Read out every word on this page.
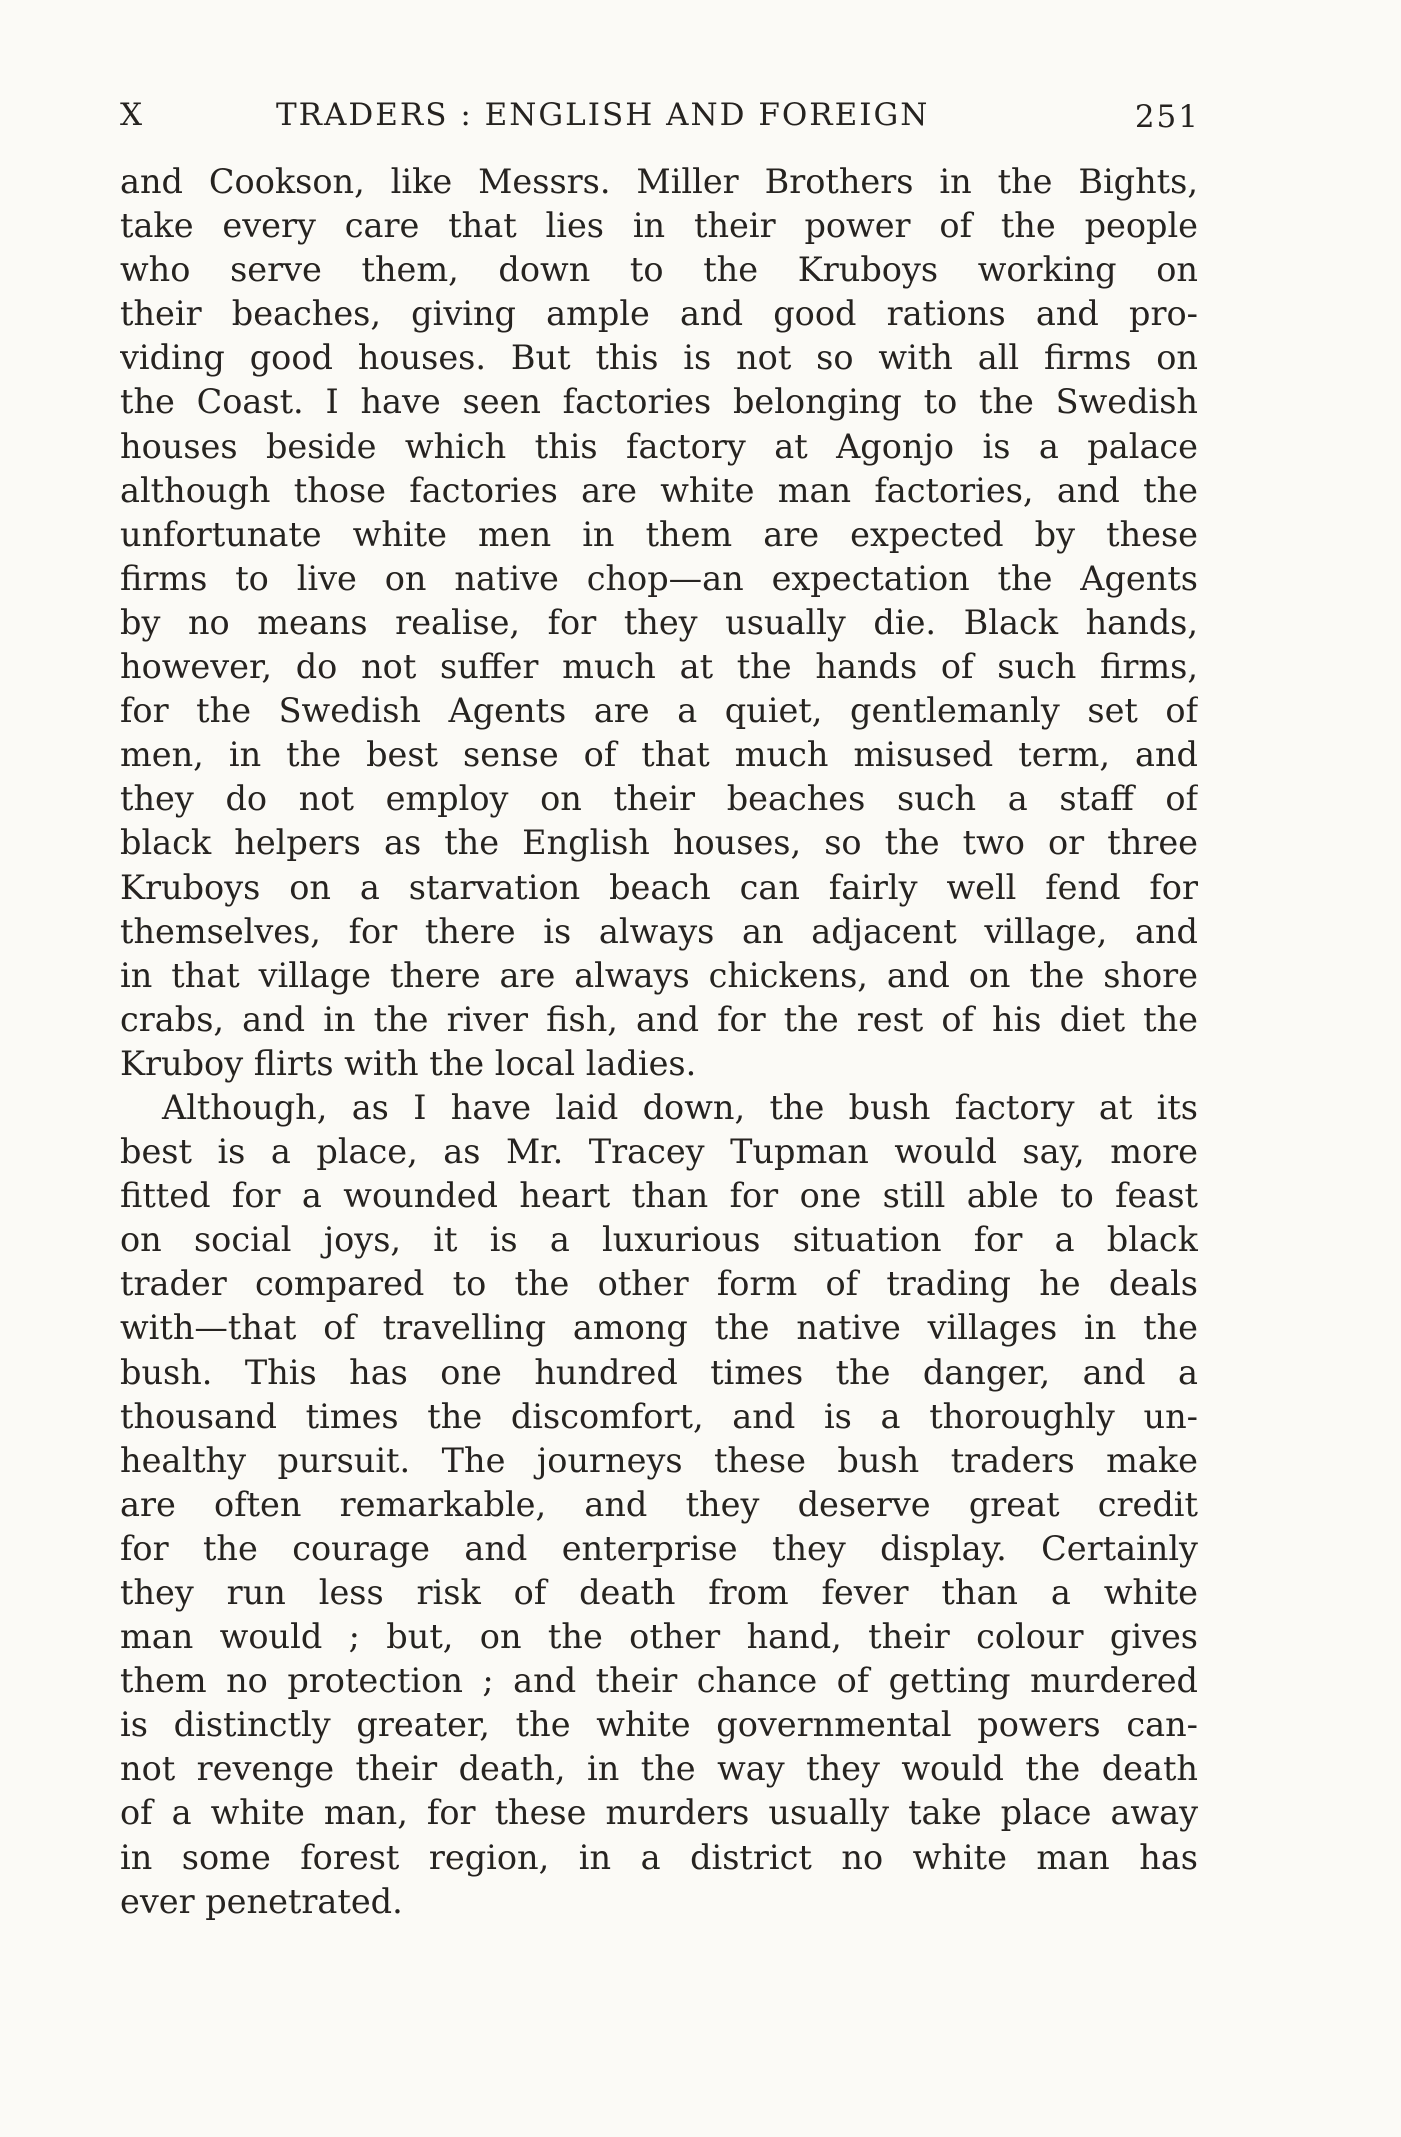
X	TRADERS : ENGLISH AND FOREIGN	251
and Cookson, like Messrs. Miller Brothers in the Bights,
take every care that lies in their power of the people
who serve them, down to the Kruboys working on
their beaches, giving ample and good rations and pro-
viding good houses. But this is not so with all firms on
the Coast. I have seen factories belonging to the Swedish
houses beside which this factory at Agonjo is a palace
although those factories are white man factories, and the
unfortunate white men in them are expected by these
firms to live on native chop—an expectation the Agents
by no means realise, for they usually die. Black hands,
however, do not suffer much at the hands of such firms,
for the Swedish Agents are a quiet, gentlemanly set of
men, in the best sense of that much misused term, and
they do not employ on their beaches such a staff of
black helpers as the English houses, so the two or three
Kruboys on a starvation beach can fairly well fend for
themselves, for there is always an adjacent village, and
in that village there are always chickens, and on the shore
crabs, and in the river fish, and for the rest of his diet the
Kruboy flirts with the local ladies.
Although, as I have laid down, the bush factory at its
best is a place, as Mr. Tracey Tupman would say, more
fitted for a wounded heart than for one still able to feast
on social joys, it is a luxurious situation for a black
trader compared to the other form of trading he deals
with—that of travelling among the native villages in the
bush. This has one hundred times the danger, and a
thousand times the discomfort, and is a thoroughly un-
healthy pursuit. The journeys these bush traders make
are often remarkable, and they deserve great credit
for the courage and enterprise they display. Certainly
they run less risk of death from fever than a white
man would ; but, on the other hand, their colour gives
them no protection ; and their chance of getting murdered
is distinctly greater, the white governmental powers can-
not revenge their death, in the way they would the death
of a white man, for these murders usually take place away
in some forest region, in a district no white man has
ever penetrated.
